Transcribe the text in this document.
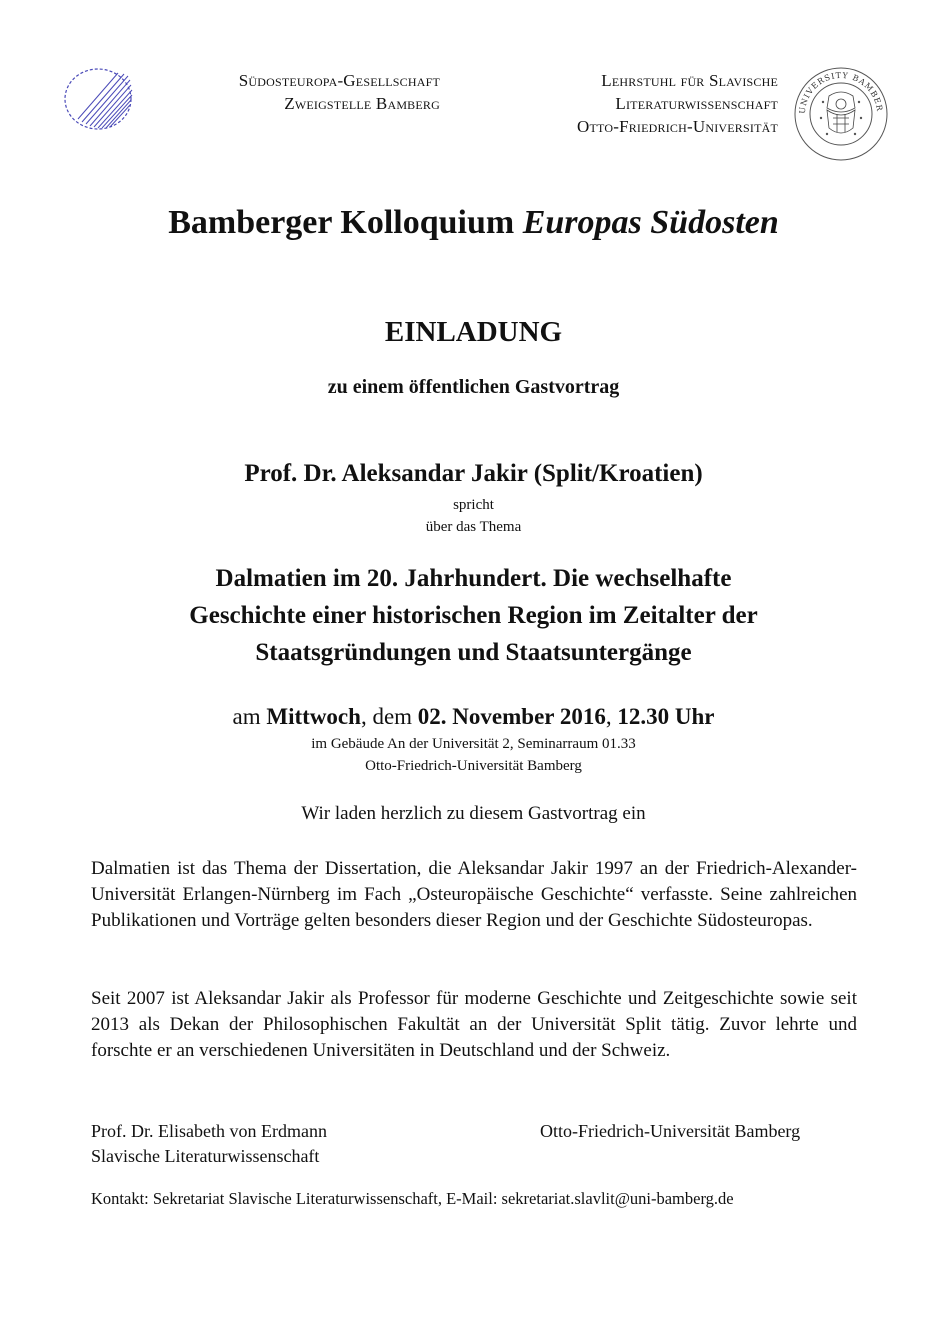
Südosteuropa-Gesellschaft
Zweigstelle Bamberg
Lehrstuhl für Slavische
Literaturwissenschaft
Otto-Friedrich-Universität
UNIVERSITY BAMBER
Bamberger Kolloquium Europas Südosten
EINLADUNG
zu einem öffentlichen Gastvortrag
Prof. Dr. Aleksandar Jakir (Split/Kroatien)
spricht
über das Thema
Dalmatien im 20. Jahrhundert. Die wechselhafte
Geschichte einer historischen Region im Zeitalter der
Staatsgründungen und Staatsuntergänge
am Mittwoch, dem 02. November 2016, 12.30 Uhr
im Gebäude An der Universität 2, Seminarraum 01.33
Otto-Friedrich-Universität Bamberg
Wir laden herzlich zu diesem Gastvortrag ein
Dalmatien ist das Thema der Dissertation, die Aleksandar Jakir 1997 an der Friedrich-Alexander-Universität Erlangen-Nürnberg im Fach „Osteuropäische Geschichte“ verfasste. Seine zahlreichen Publikationen und Vorträge gelten besonders dieser Region und der Geschichte Südosteuropas.
Seit 2007 ist Aleksandar Jakir als Professor für moderne Geschichte und Zeitgeschichte sowie seit 2013 als Dekan der Philosophischen Fakultät an der Universität Split tätig. Zuvor lehrte und forschte er an verschiedenen Universitäten in Deutschland und der Schweiz.
Prof. Dr. Elisabeth von Erdmann
Slavische Literaturwissenschaft
Otto-Friedrich-Universität Bamberg
Kontakt: Sekretariat Slavische Literaturwissenschaft, E-Mail: sekretariat.slavlit@uni-bamberg.de
